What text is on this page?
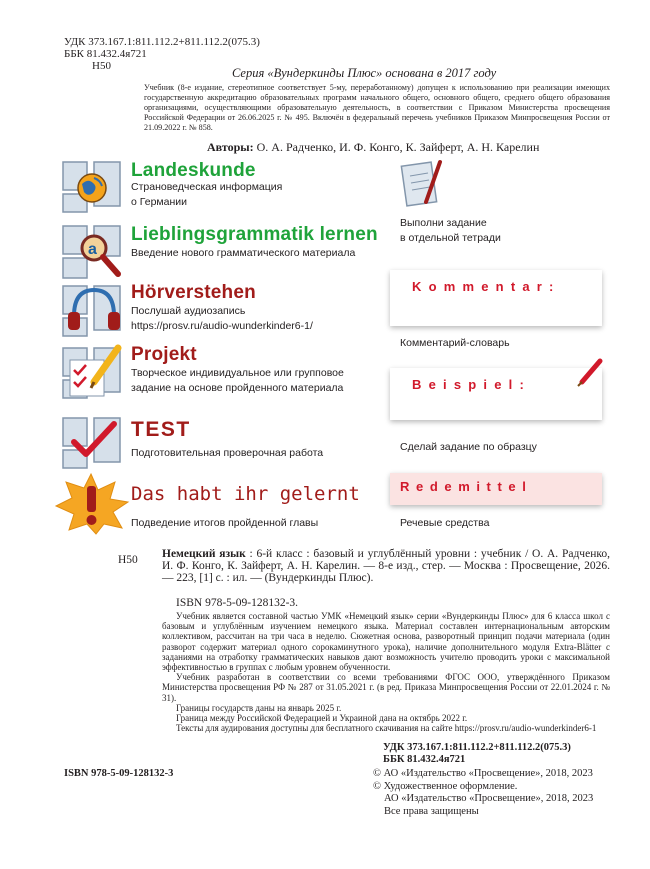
УДК 373.167.1:811.112.2+811.112.2(075.3)
ББК 81.432.4я721
Н50	Серия «Вундеркинды Плюс» основана в 2017 году
Учебник (8-е издание, стереотипное соответствует 5-му, переработанному) допущен к использованию при реализации имеющих государственную аккредитацию образовательных программ начального общего, основного общего, среднего общего образования организациями, осуществляющими образовательную деятельность, в соответствии с Приказом Министерства просвещения Российской Федерации от 26.06.2025 г. № 495. Включён в федеральный перечень учебников Приказом Минпросвещения России от 21.09.2022 г. № 858.
Авторы: О. А. Радченко, И. Ф. Конго, К. Зайферт, А. Н. Карелин
a
Landeskunde
Страноведческая информация
о Германии
Lieblingsgrammatik lernen
Введение нового грамматического материала
Hörverstehen
Послушай аудиозапись
https://prosv.ru/audio-wunderkinder6-1/
Projekt
Творческое индивидуальное или групповое
задание на основе пройденного материала
TEST
Подготовительная проверочная работа
Das habt ihr gelernt
Подведение итогов пройденной главы
Выполни задание
в отдельной тетради
Kommentar:
Комментарий-словарь
Beispiel:
Сделай задание по образцу
Redemittel
Речевые средства
Н50 Немецкий язык : 6-й класс : базовый и углублённый уровни : учебник / О. А. Радченко, И. Ф. Конго, К. Зайферт, А. Н. Карелин. — 8-е изд., стер. — Москва : Просвещение, 2026. — 223, [1] с. : ил. — (Вундеркинды Плюс).
ISBN 978-5-09-128132-3.
Учебник является составной частью УМК «Немецкий язык» серии «Вундеркинды Плюс» для 6 класса школ с базовым и углублённым изучением немецкого языка. Материал составлен интернациональным авторским коллективом, рассчитан на три часа в неделю. Сюжетная основа, разворотный принцип подачи материала (один разворот содержит материал одного сорокаминутного урока), наличие дополнительного модуля Extra-Blätter с заданиями на отработку грамматических навыков дают возможность учителю проводить уроки с максимальной эффективностью в группах с любым уровнем обученности.
Учебник разработан в соответствии со всеми требованиями ФГОС ООО, утверждённого Приказом Министерства просвещения РФ № 287 от 31.05.2021 г. (в ред. Приказа Минпросвещения России от 22.01.2024 г. № 31).
Границы государств даны на январь 2025 г.
Граница между Российской Федерацией и Украиной дана на октябрь 2022 г.
Тексты для аудирования доступны для бесплатного скачивания на сайте https://prosv.ru/audio-wunderkinder6-1
УДК 373.167.1:811.112.2+811.112.2(075.3)
ББК 81.432.4я721
ISBN 978-5-09-128132-3	© АО «Издательство «Просвещение», 2018, 2023
© Художественное оформление.
АО «Издательство «Просвещение», 2018, 2023
Все права защищены
